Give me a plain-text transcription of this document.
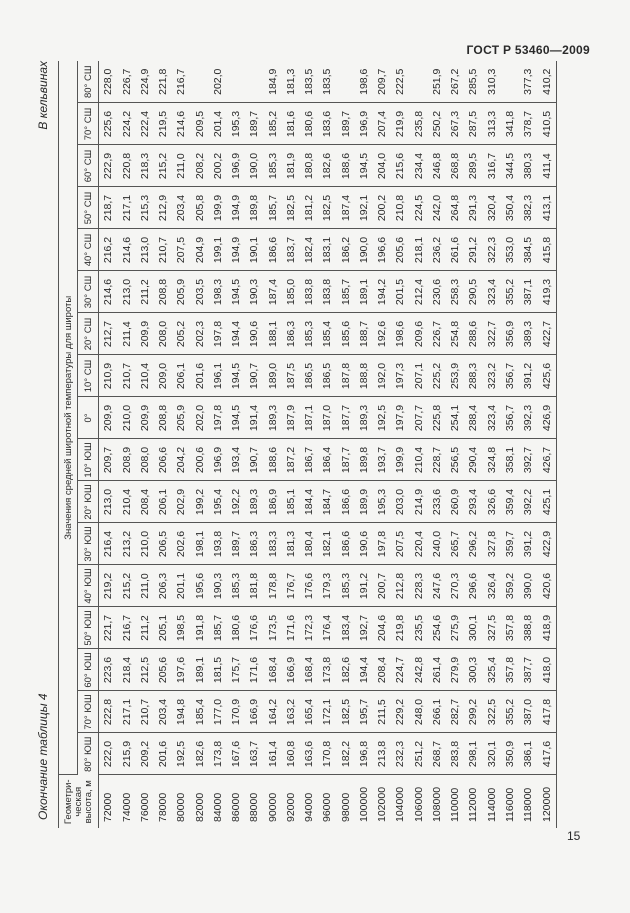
ГОСТ Р 53460—2009
Окончание таблицы 4
В кельвинах
Геометри-ческая высота, м	Значения средней широтной температуры для широты																
	80° ЮШ	70° ЮШ	60° ЮШ	50° ЮШ	40° ЮШ	30° ЮШ	20° ЮШ	10° ЮШ	0°	10° СШ	20° СШ	30° СШ	40° СШ	50° СШ	60° СШ	70° СШ	80° СШ
72000	222,0	222,8	223,6	221,7	219,2	216,4	213,0	209,7	209,9	210,9	212,7	214,6	216,2	218,7	222,9	225,6	228,0
74000	215,9	217,1	218,4	216,7	215,2	213,2	210,4	208,9	210,0	210,7	211,4	213,0	214,6	217,1	220,8	224,2	226,7
76000	209,2	210,7	212,5	211,2	211,0	210,0	208,4	208,0	209,9	210,4	209,9	211,2	213,0	215,3	218,3	222,4	224,9
78000	201,6	203,4	205,6	205,1	206,3	206,5	206,1	206,6	208,8	209,0	208,0	208,8	210,7	212,9	215,2	219,5	221,8
80000	192,5	194,8	197,6	198,5	201,1	202,6	202,9	204,2	205,9	206,1	205,2	205,9	207,5	203,4	211,0	214,6	216,7
82000	182,6	185,4	189,1	191,8	195,6	198,1	199,2	200,6	202,0	201,6	202,3	203,5	204,9	205,8	208,2	209,5	
84000	173,8	177,0	181,5	185,7	190,3	193,8	195,4	196,9	197,8	196,1	197,8	198,3	199,1	199,9	200,2	201,4	202,0
86000	167,6	170,9	175,7	180,6	185,3	189,7	192,2	193,4	194,5	194,5	194,4	194,5	194,9	194,9	196,9	195,3	
88000	163,7	166,9	171,6	176,6	181,8	186,3	189,3	190,7	191,4	190,7	190,6	190,3	190,1	189,8	190,0	189,7	
90000	161,4	164,2	168,4	173,5	178,8	183,3	186,9	188,6	189,3	189,0	188,1	187,4	186,6	185,7	185,3	185,2	184,9
92000	160,8	163,2	166,9	171,6	176,7	181,3	185,1	187,2	187,9	187,5	186,3	185,0	183,7	182,5	181,9	181,6	181,3
94000	163,6	165,4	168,4	172,3	176,6	180,4	184,4	186,7	187,1	186,5	185,3	183,8	182,4	181,2	180,8	180,6	183,5
96000	170,8	172,1	173,8	176,4	179,3	182,1	184,7	186,4	187,0	186,5	185,4	183,8	183,1	182,5	182,6	183,6	183,5
98000	182,2	182,5	182,6	183,4	185,3	186,6	186,6	187,7	187,7	187,8	185,6	185,7	186,2	187,4	188,6	189,7	
100000	196,8	195,7	194,4	192,7	191,2	190,6	189,9	189,8	189,3	188,8	188,7	189,1	190,0	192,1	194,5	196,9	198,6
102000	213,8	211,5	208,4	204,6	200,7	197,8	195,3	193,7	192,5	192,0	192,6	194,2	196,6	200,2	204,0	207,4	209,7
104000	232,3	229,2	224,7	219,8	212,8	207,5	203,0	199,9	197,9	197,3	198,6	201,5	205,6	210,8	215,6	219,9	222,5
106000	251,2	248,0	242,8	235,5	228,3	220,4	214,9	210,4	207,7	207,1	209,6	212,4	218,1	224,5	234,4	235,8	
108000	268,7	266,1	261,4	254,6	247,6	240,0	233,6	228,7	225,8	225,2	226,7	230,6	236,2	242,0	246,8	250,2	251,9
110000	283,8	282,7	279,9	275,9	270,3	265,7	260,9	256,5	254,1	253,9	254,8	258,3	261,6	264,8	268,8	267,3	267,2
112000	298,1	299,2	300,3	300,1	296,6	296,2	293,4	290,4	288,4	288,3	288,6	290,5	291,2	291,3	289,5	287,5	285,5
114000	320,1	322,5	325,4	327,5	326,4	327,8	326,6	324,8	323,4	323,2	322,7	323,4	322,3	320,4	316,7	313,3	310,3
116000	350,9	355,2	357,8	357,8	359,2	359,7	359,4	358,1	356,7	356,7	356,9	355,2	353,0	350,4	344,5	341,8	
118000	386,1	387,0	387,7	388,8	390,0	391,2	392,2	392,7	392,3	391,2	389,3	387,1	384,5	382,3	380,3	378,7	377,3
120000	417,6	417,8	418,0	418,9	420,6	422,9	425,1	426,7	426,9	425,6	422,7	419,3	415,8	413,1	411,4	410,5	410,2
15
